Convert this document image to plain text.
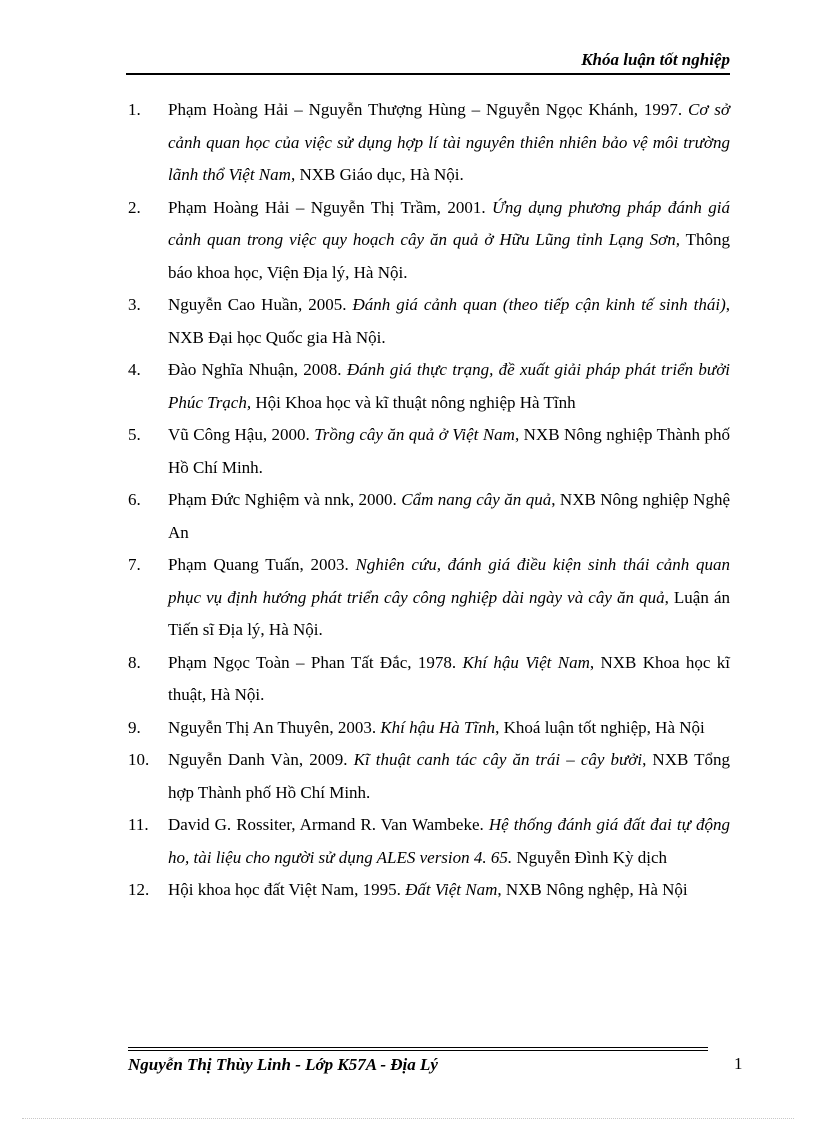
Khóa luận tốt nghiệp
1.	Phạm Hoàng Hải – Nguyễn Thượng Hùng – Nguyễn Ngọc Khánh, 1997. Cơ sở cảnh quan học của việc sử dụng hợp lí tài nguyên thiên nhiên bảo vệ môi trường lãnh thổ Việt Nam, NXB Giáo dục, Hà Nội.
2.	Phạm Hoàng Hải – Nguyễn Thị Trầm, 2001. Ứng dụng phương pháp đánh giá cảnh quan trong việc quy hoạch cây ăn quả ở Hữu Lũng tỉnh Lạng Sơn, Thông báo khoa học, Viện Địa lý, Hà Nội.
3.	Nguyễn Cao Huần, 2005. Đánh giá cảnh quan (theo tiếp cận kinh tế sinh thái), NXB Đại học Quốc gia Hà Nội.
4.	Đào Nghĩa Nhuận, 2008. Đánh giá thực trạng, đề xuất giải pháp phát triển bưởi Phúc Trạch, Hội Khoa học và kĩ thuật nông nghiệp Hà Tĩnh
5.	Vũ Công Hậu, 2000. Trồng cây ăn quả ở Việt Nam, NXB Nông nghiệp Thành phố Hồ Chí Minh.
6.	Phạm Đức Nghiệm và nnk, 2000. Cẩm nang cây ăn quả, NXB Nông nghiệp Nghệ An
7.	Phạm Quang Tuấn, 2003. Nghiên cứu, đánh giá điều kiện sinh thái cảnh quan phục vụ định hướng phát triển cây công nghiệp dài ngày và cây ăn quả, Luận án Tiến sĩ Địa lý, Hà Nội.
8.	Phạm Ngọc Toàn – Phan Tất Đắc, 1978. Khí hậu Việt Nam, NXB Khoa học kĩ thuật, Hà Nội.
9.	Nguyễn Thị An Thuyên, 2003. Khí hậu Hà Tĩnh, Khoá luận tốt nghiệp, Hà Nội
10.	Nguyễn Danh Vàn, 2009. Kĩ thuật canh tác cây ăn trái – cây bưởi, NXB Tổng hợp Thành phố Hồ Chí Minh.
11.	David G. Rossiter, Armand R. Van Wambeke. Hệ thống đánh giá đất đai tự động ho, tài liệu cho người sử dụng ALES version 4. 65. Nguyễn Đình Kỳ dịch
12.	Hội khoa học đất Việt Nam, 1995. Đất Việt Nam, NXB Nông nghệp, Hà Nội
Nguyễn Thị Thùy Linh - Lớp K57A - Địa Lý	1
